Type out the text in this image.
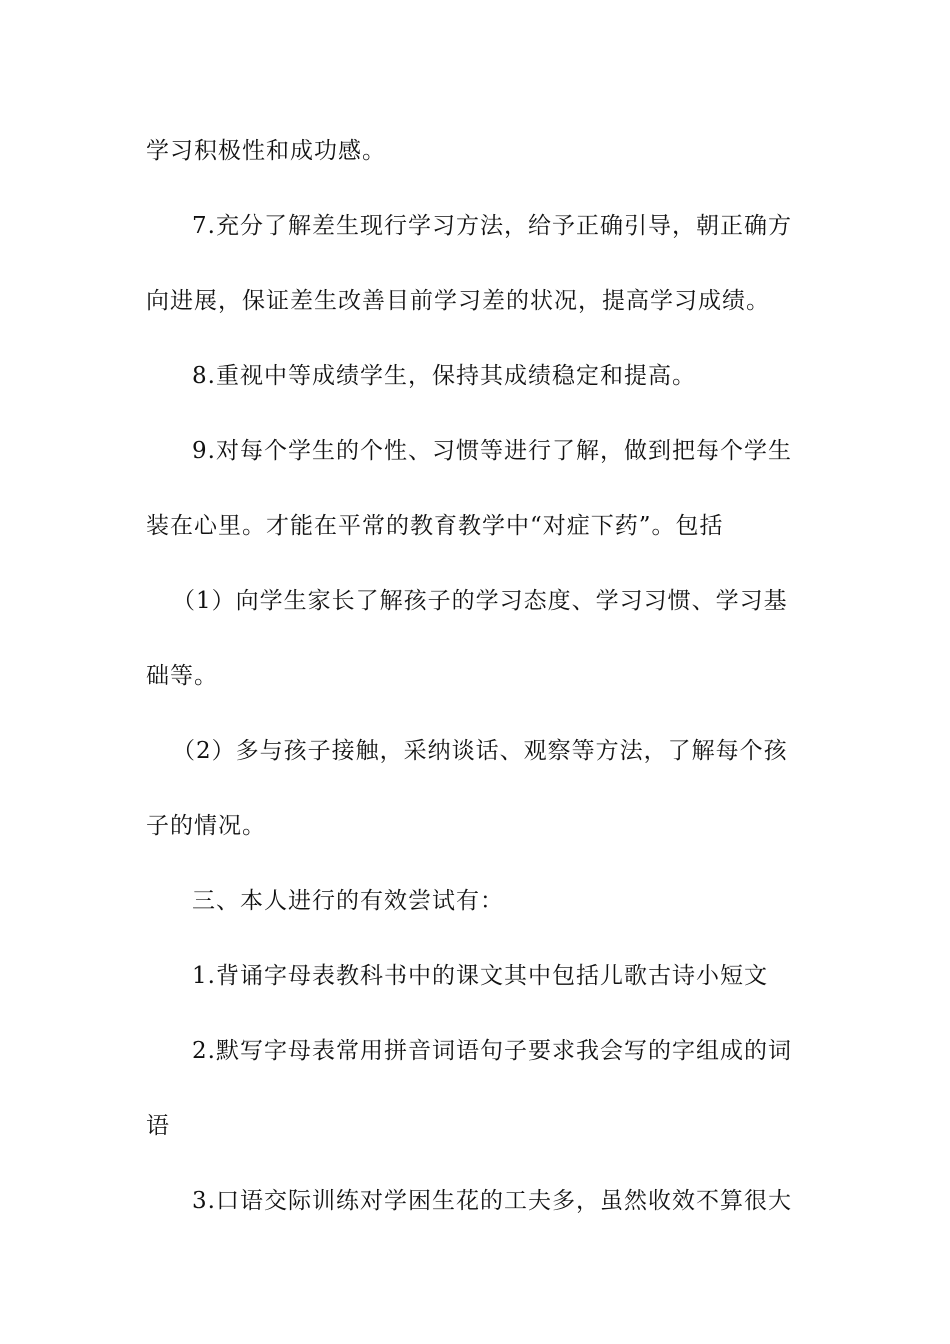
学习积极性和成功感。
7.充分了解差生现行学习方法，给予正确引导，朝正确方
向进展，保证差生改善目前学习差的状况，提高学习成绩。
8.重视中等成绩学生，保持其成绩稳定和提高。
9.对每个学生的个性、习惯等进行了解，做到把每个学生
装在心里。才能在平常的教育教学中“对症下药”。包括
（1）向学生家长了解孩子的学习态度、学习习惯、学习基
础等。
（2）多与孩子接触，采纳谈话、观察等方法，了解每个孩
子的情况。
三、本人进行的有效尝试有：
1.背诵字母表教科书中的课文其中包括儿歌古诗小短文
2.默写字母表常用拼音词语句子要求我会写的字组成的词
语
3.口语交际训练对学困生花的工夫多，虽然收效不算很大
